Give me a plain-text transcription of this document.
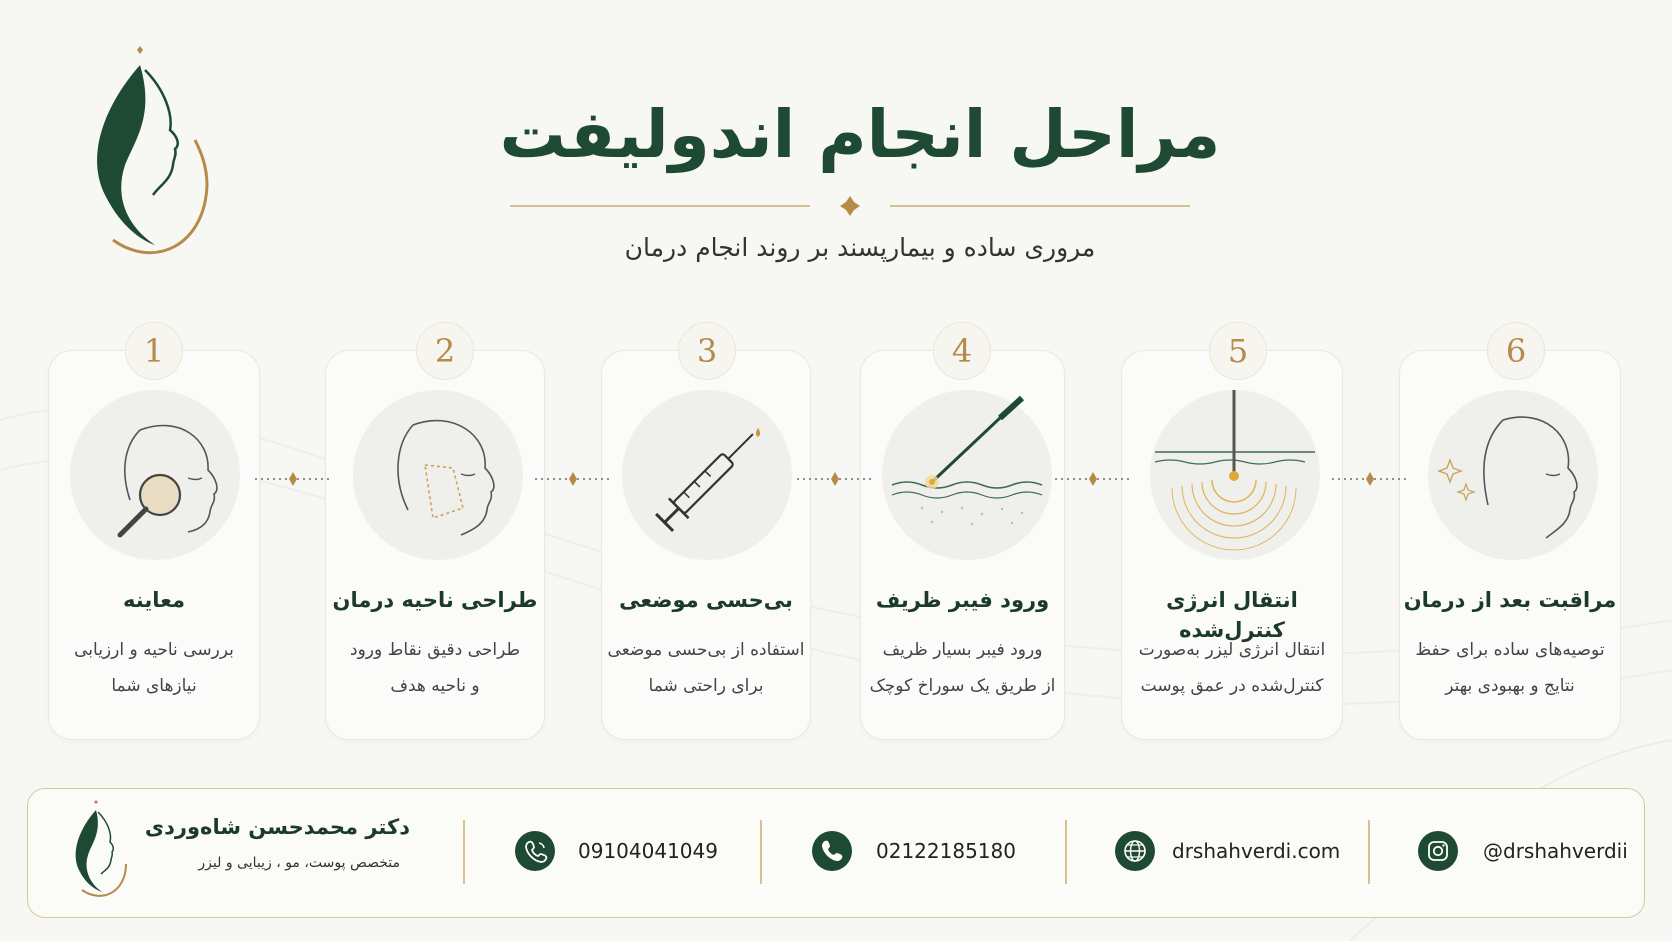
مراحل انجام اندولیفت
مروری ساده و بیمارپسند بر روند انجام درمان
1
معاینه
بررسی ناحیه و ارزیابی
نیازهای شما
2
طراحی ناحیه درمان
طراحی دقیق نقاط ورود
و ناحیه هدف
3
بی‌حسی موضعی
استفاده از بی‌حسی موضعی
برای راحتی شما
4
ورود فیبر ظریف
ورود فیبر بسیار ظریف
از طریق یک سوراخ کوچک
5
انتقال انرژی کنترل‌شده
انتقال انرژی لیزر به‌صورت
کنترل‌شده در عمق پوست
6
مراقبت بعد از درمان
توصیه‌های ساده برای حفظ
نتایج و بهبودی بهتر
دکتر محمدحسن شاه‌وردی
متخصص پوست، مو ، زیبایی و لیزر	09104041049	02122185180	drshahverdi.com	@drshahverdii
